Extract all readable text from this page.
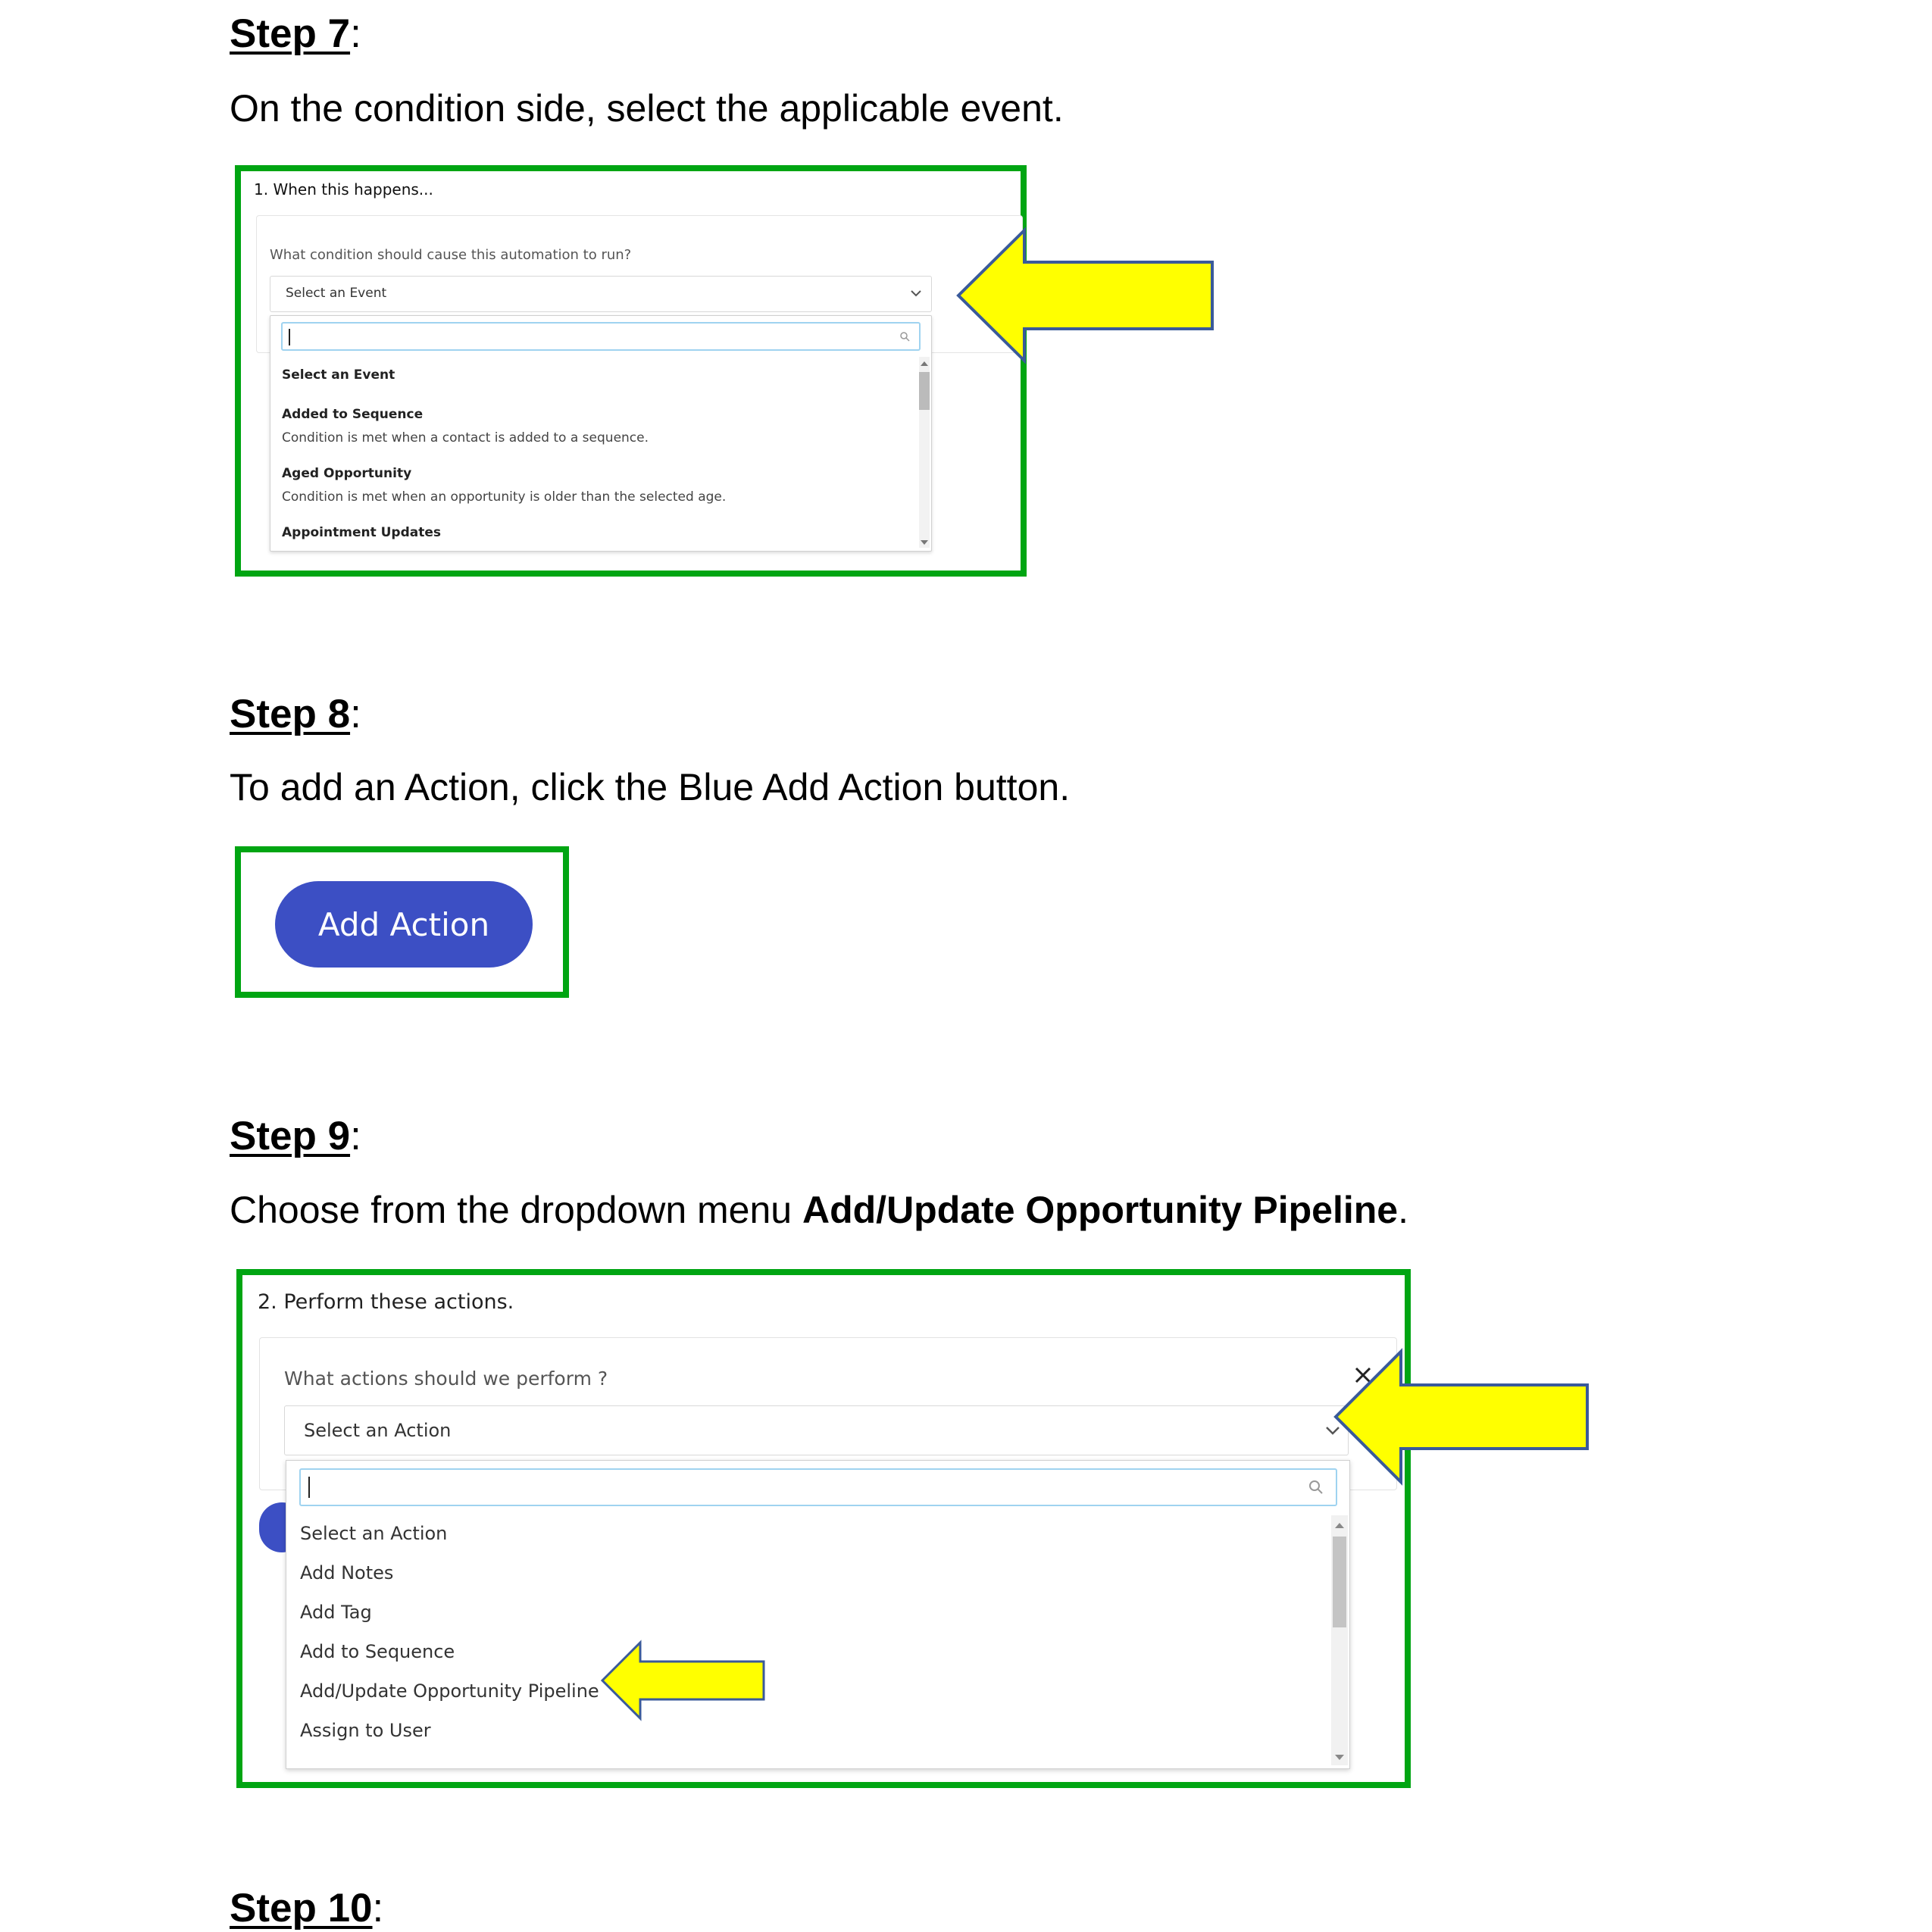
Step 7:

On the condition side, select the applicable event.

1. When this happens...
What condition should cause this automation to run?
Select an Event
Select an Event
Added to Sequence
Condition is met when a contact is added to a sequence.
Aged Opportunity
Condition is met when an opportunity is older than the selected age.
Appointment Updates
Step 8:

To add an Action, click the Blue Add Action button.

Add Action
Step 9:

Choose from the dropdown menu Add/Update Opportunity Pipeline.

2. Perform these actions.
What actions should we perform ?
Select an Action
Select an Action
Add Notes
Add Tag
Add to Sequence
Add/Update Opportunity Pipeline
Assign to User
Step 10:
